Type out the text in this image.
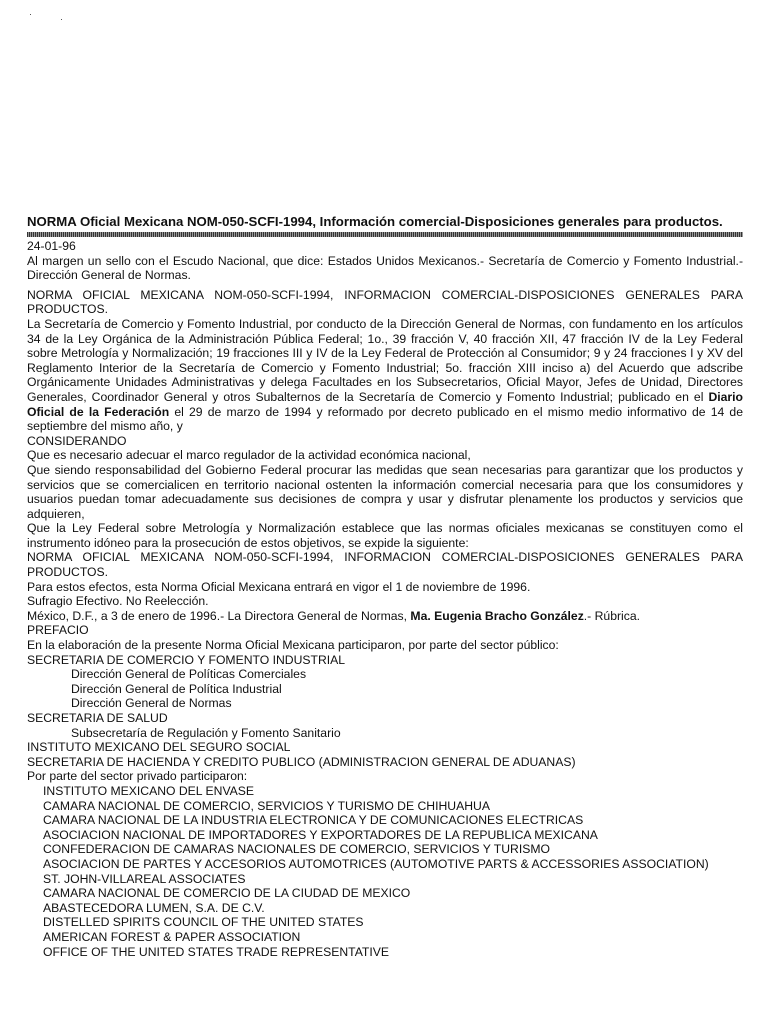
NORMA Oficial Mexicana NOM-050-SCFI-1994, Información comercial-Disposiciones generales para productos.

24-01-96

Al margen un sello con el Escudo Nacional, que dice: Estados Unidos Mexicanos.- Secretaría de Comercio y Fomento Industrial.- Dirección General de Normas.

NORMA OFICIAL MEXICANA NOM-050-SCFI-1994, INFORMACION COMERCIAL-DISPOSICIONES GENERALES PARA PRODUCTOS.

La Secretaría de Comercio y Fomento Industrial, por conducto de la Dirección General de Normas, con fundamento en los artículos 34 de la Ley Orgánica de la Administración Pública Federal; 1o., 39 fracción V, 40 fracción XII, 47 fracción IV de la Ley Federal sobre Metrología y Normalización; 19 fracciones III y IV de la Ley Federal de Protección al Consumidor; 9 y 24 fracciones I y XV del Reglamento Interior de la Secretaría de Comercio y Fomento Industrial; 5o. fracción XIII inciso a) del Acuerdo que adscribe Orgánicamente Unidades Administrativas y delega Facultades en los Subsecretarios, Oficial Mayor, Jefes de Unidad, Directores Generales, Coordinador General y otros Subalternos de la Secretaría de Comercio y Fomento Industrial; publicado en el Diario Oficial de la Federación el 29 de marzo de 1994 y reformado por decreto publicado en el mismo medio informativo de 14 de septiembre del mismo año, y

CONSIDERANDO

Que es necesario adecuar el marco regulador de la actividad económica nacional,

Que siendo responsabilidad del Gobierno Federal procurar las medidas que sean necesarias para garantizar que los productos y servicios que se comercialicen en territorio nacional ostenten la información comercial necesaria para que los consumidores y usuarios puedan tomar adecuadamente sus decisiones de compra y usar y disfrutar plenamente los productos y servicios que adquieren,

Que la Ley Federal sobre Metrología y Normalización establece que las normas oficiales mexicanas se constituyen como el instrumento idóneo para la prosecución de estos objetivos, se expide la siguiente:

NORMA OFICIAL MEXICANA NOM-050-SCFI-1994, INFORMACION COMERCIAL-DISPOSICIONES GENERALES PARA PRODUCTOS.

Para estos efectos, esta Norma Oficial Mexicana entrará en vigor el 1 de noviembre de 1996.

Sufragio Efectivo. No Reelección.

México, D.F., a 3 de enero de 1996.- La Directora General de Normas, Ma. Eugenia Bracho González.- Rúbrica.

PREFACIO

En la elaboración de la presente Norma Oficial Mexicana participaron, por parte del sector público:

SECRETARIA DE COMERCIO Y FOMENTO INDUSTRIAL

Dirección General de Políticas Comerciales

Dirección General de Política Industrial

Dirección General de Normas

SECRETARIA DE SALUD

Subsecretaría de Regulación y Fomento Sanitario

INSTITUTO MEXICANO DEL SEGURO SOCIAL

SECRETARIA DE HACIENDA Y CREDITO PUBLICO (ADMINISTRACION GENERAL DE ADUANAS)

Por parte del sector privado participaron:

INSTITUTO MEXICANO DEL ENVASE

CAMARA NACIONAL DE COMERCIO, SERVICIOS Y TURISMO DE CHIHUAHUA

CAMARA NACIONAL DE LA INDUSTRIA ELECTRONICA Y DE COMUNICACIONES ELECTRICAS

ASOCIACION NACIONAL DE IMPORTADORES Y EXPORTADORES DE LA REPUBLICA MEXICANA

CONFEDERACION DE CAMARAS NACIONALES DE COMERCIO, SERVICIOS Y TURISMO

ASOCIACION DE PARTES Y ACCESORIOS AUTOMOTRICES (AUTOMOTIVE PARTS & ACCESSORIES ASSOCIATION)

ST. JOHN-VILLAREAL ASSOCIATES

CAMARA NACIONAL DE COMERCIO DE LA CIUDAD DE MEXICO

ABASTECEDORA LUMEN, S.A. DE C.V.

DISTELLED SPIRITS COUNCIL OF THE UNITED STATES

AMERICAN FOREST & PAPER ASSOCIATION

OFFICE OF THE UNITED STATES TRADE REPRESENTATIVE
